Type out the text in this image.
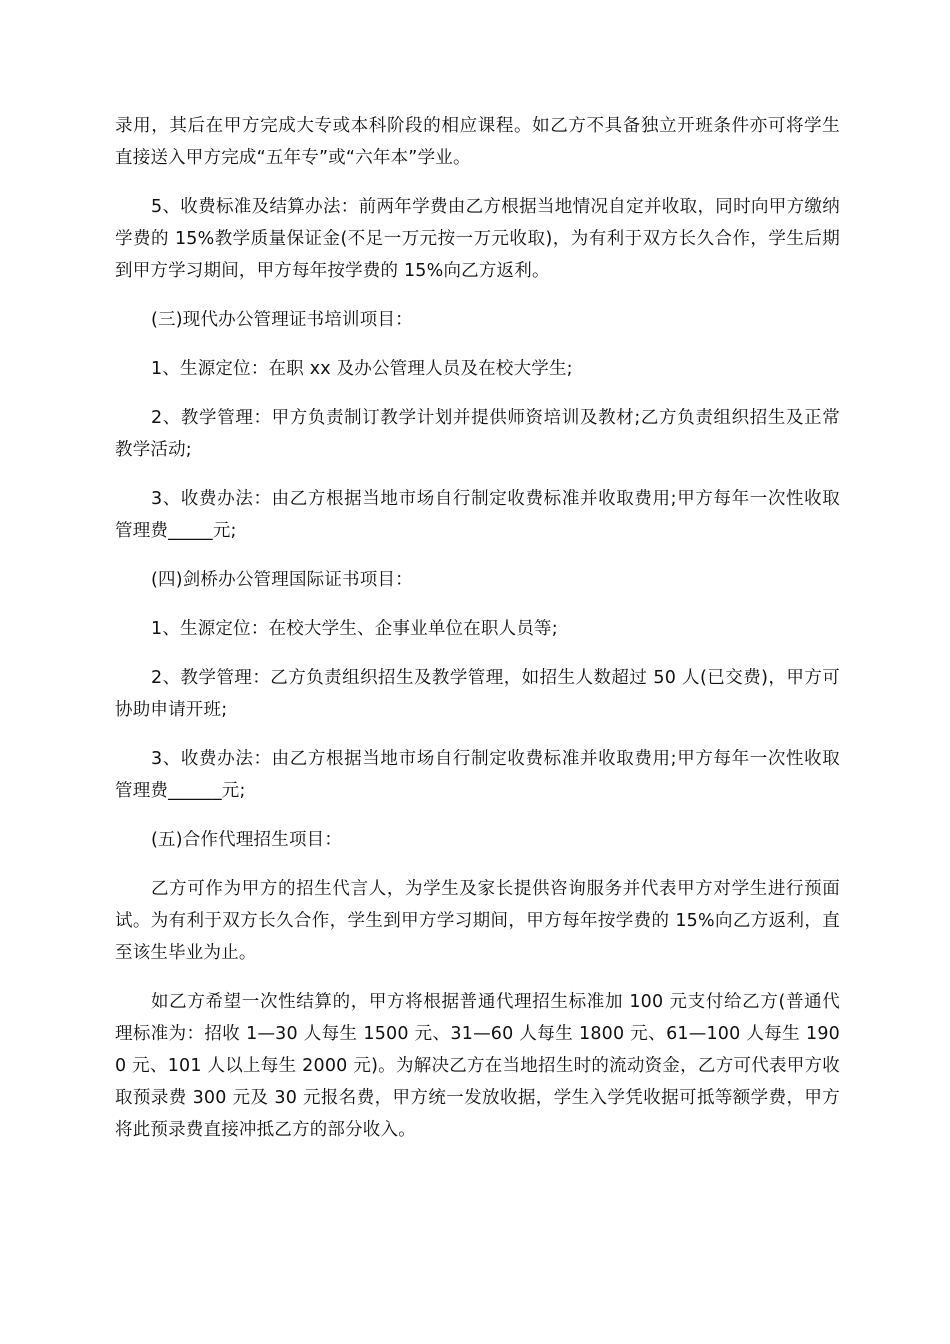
录用，其后在甲方完成大专或本科阶段的相应课程。如乙方不具备独立开班条件亦可将学生直接送入甲方完成“五年专”或“六年本”学业。

5、收费标准及结算办法：前两年学费由乙方根据当地情况自定并收取，同时向甲方缴纳学费的 15%教学质量保证金(不足一万元按一万元收取)，为有利于双方长久合作，学生后期到甲方学习期间，甲方每年按学费的 15%向乙方返利。

(三)现代办公管理证书培训项目：

1、生源定位：在职 xx 及办公管理人员及在校大学生;

2、教学管理：甲方负责制订教学计划并提供师资培训及教材;乙方负责组织招生及正常教学活动;

3、收费办法：由乙方根据当地市场自行制定收费标准并收取费用;甲方每年一次性收取管理费_____元;

(四)剑桥办公管理国际证书项目：

1、生源定位：在校大学生、企事业单位在职人员等;

2、教学管理：乙方负责组织招生及教学管理，如招生人数超过 50 人(已交费)，甲方可协助申请开班;

3、收费办法：由乙方根据当地市场自行制定收费标准并收取费用;甲方每年一次性收取管理费______元;

(五)合作代理招生项目：

乙方可作为甲方的招生代言人，为学生及家长提供咨询服务并代表甲方对学生进行预面试。为有利于双方长久合作，学生到甲方学习期间，甲方每年按学费的 15%向乙方返利，直至该生毕业为止。

如乙方希望一次性结算的，甲方将根据普通代理招生标准加 100 元支付给乙方(普通代理标准为：招收 1—30 人每生 1500 元、31—60 人每生 1800 元、61—100 人每生 1900 元、101 人以上每生 2000 元)。为解决乙方在当地招生时的流动资金，乙方可代表甲方收取预录费 300 元及 30 元报名费，甲方统一发放收据，学生入学凭收据可抵等额学费，甲方将此预录费直接冲抵乙方的部分收入。
